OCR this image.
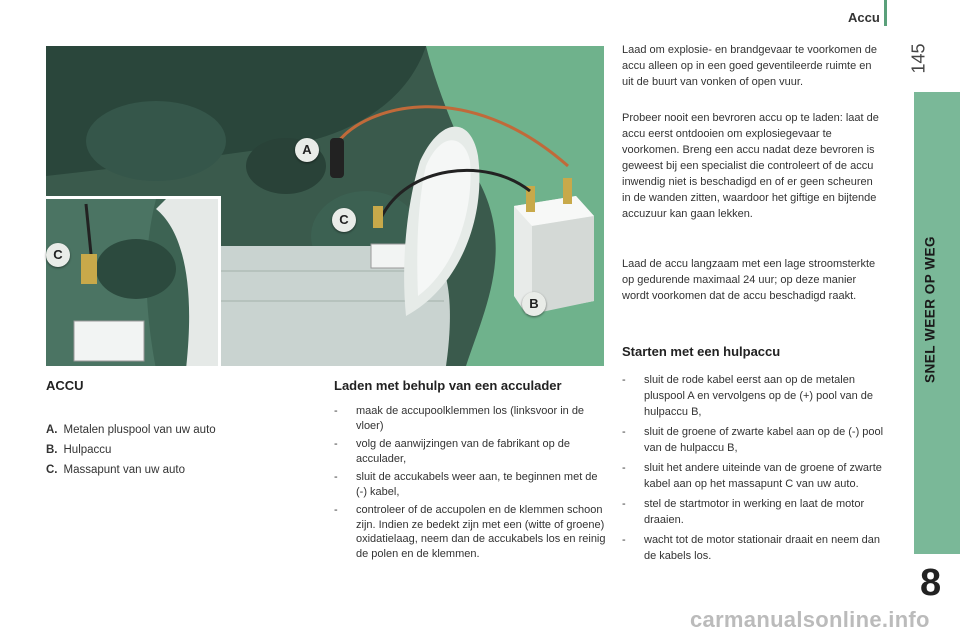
Accu
145
SNEL WEER OP WEG
8
A
C
B
C
ACCU
A. Metalen pluspool van uw auto
B. Hulpaccu
C. Massapunt van uw auto
Laden met behulp van een acculader
- maak de accupoolklemmen los (linksvoor in de vloer)
- volg de aanwijzingen van de fabrikant op de acculader,
- sluit de accukabels weer aan, te beginnen met de (-) kabel,
- controleer of de accupolen en de klemmen schoon zijn. Indien ze bedekt zijn met een (witte of groene) oxidatielaag, neem dan de accukabels los en reinig de polen en de klemmen.

Laad om explosie- en brandgevaar te voorkomen de accu alleen op in een goed geventileerde ruimte en uit de buurt van vonken of open vuur.

Probeer nooit een bevroren accu op te laden: laat de accu eerst ontdooien om explosiegevaar te voorkomen. Breng een accu nadat deze bevroren is geweest bij een specialist die controleert of de accu inwendig niet is beschadigd en of er geen scheuren in de wanden zitten, waardoor het giftige en bijtende accuzuur kan gaan lekken.

Laad de accu langzaam met een lage stroomsterkte op gedurende maximaal 24 uur; op deze manier wordt voorkomen dat de accu beschadigd raakt.

Starten met een hulpaccu
- sluit de rode kabel eerst aan op de metalen pluspool A en vervolgens op de (+) pool van de hulpaccu B,
- sluit de groene of zwarte kabel aan op de (-) pool van de hulpaccu B,
- sluit het andere uiteinde van de groene of zwarte kabel aan op het massapunt C van uw auto.
- stel de startmotor in werking en laat de motor draaien.
- wacht tot de motor stationair draait en neem dan de kabels los.
carmanualsonline.info
